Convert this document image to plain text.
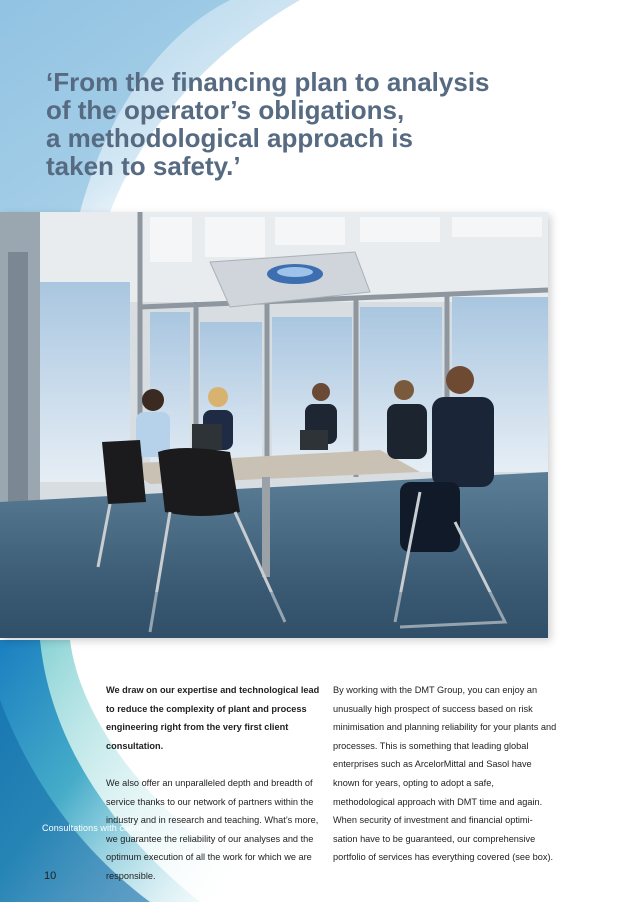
‘From the financing plan to analysis
of the operator’s obligations,
a methodological approach is
taken to safety.’
Consultations with clients

We draw on our expertise and technological lead to reduce the complexity of plant and process engineering right from the very first client consultation.

We also offer an unparalleled depth and breadth of service thanks to our network of partners within the industry and in research and teaching. What’s more, we guarantee the reliability of our analyses and the optimum execution of all the work for which we are responsible.

By working with the DMT Group, you can enjoy an unusually high prospect of success based on risk minimisation and planning reliability for your plants and processes. This is something that leading global enterprises such as ArcelorMittal and Sasol have known for years, opting to adopt a safe, methodological approach with DMT time and again. When security of investment and financial optimi-sation have to be guaranteed, our comprehensive portfolio of services has everything covered (see box).

10
